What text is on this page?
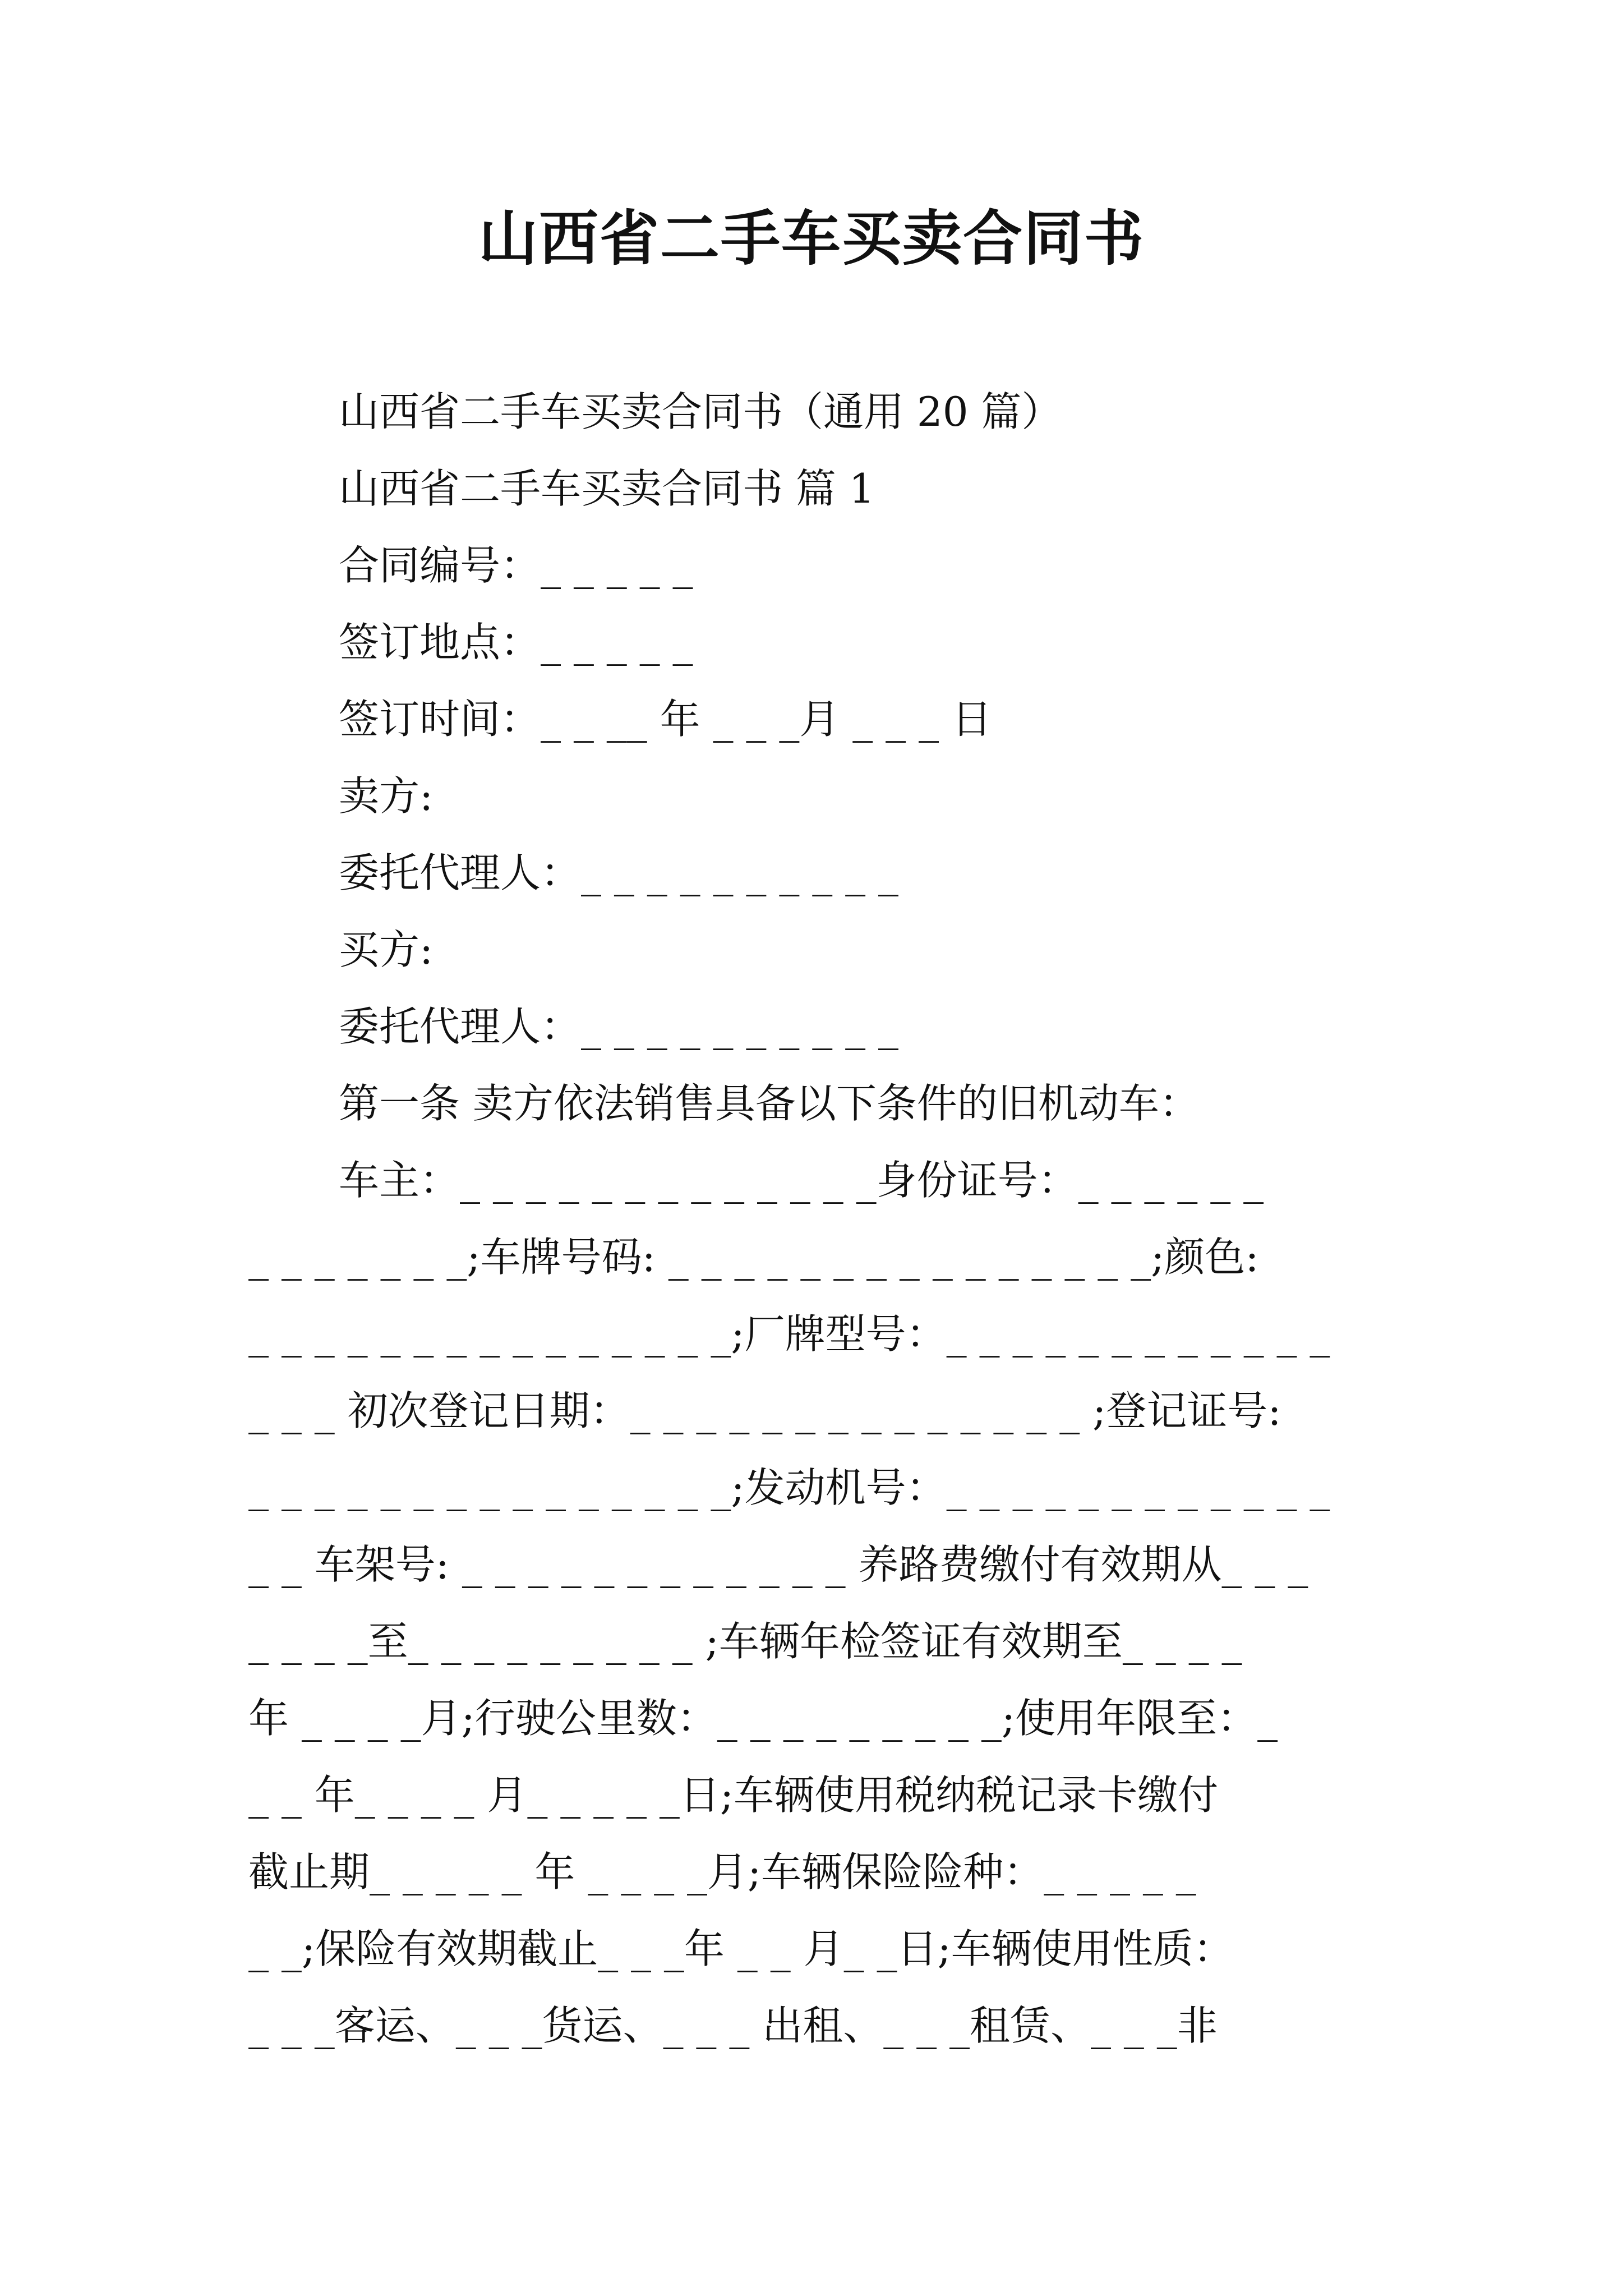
山西省二手车买卖合同书
山西省二手车买卖合同书（通用 20 篇）
山西省二手车买卖合同书 篇 1
合同编号：_ _ _ _ _
签订地点：_ _ _ _ _
签订时间：_ _ __ 年 _ _ _月 _ _ _ 日
卖方:
委托代理人：_ _ _ _ _ _ _ _ _ _
买方:
委托代理人：_ _ _ _ _ _ _ _ _ _
第一条 卖方依法销售具备以下条件的旧机动车：
车主：_ _ _ _ _ _ _ _ _ _ _ _ _身份证号：_ _ _ _ _ _
_ _ _ _ _ _ _;车牌号码: _ _ _ _ _ _ _ _ _ _ _ _ _ _ _;颜色:
_ _ _ _ _ _ _ _ _ _ _ _ _ _ _;厂牌型号：_ _ _ _ _ _ _ _ _ _ _ _
_ _ _ 初次登记日期：_ _ _ _ _ _ _ _ _ _ _ _ _ _ ;登记证号:
_ _ _ _ _ _ _ _ _ _ _ _ _ _ _;发动机号：_ _ _ _ _ _ _ _ _ _ _ _
_ _ 车架号: _ _ _ _ _ _ _ _ _ _ _ _ 养路费缴付有效期从_ _ _
_ _ _ _至_ _ _ _ _ _ _ _ _ ;车辆年检签证有效期至_ _ _ _
年 _ _ _ _月;行驶公里数：_ _ _ _ _ _ _ _ _;使用年限至：_
_ _ 年_ _ _ _ 月_ _ _ _ _日;车辆使用税纳税记录卡缴付
截止期_ _ _ _ _ 年 _ _ _ _月;车辆保险险种：_ _ _ _ _
_ _;保险有效期截止_ _ _年 _ _ 月_ _日;车辆使用性质：
_ _ _客运、_ _ _货运、_ _ _ 出租、_ _ _租赁、_ _ _非
